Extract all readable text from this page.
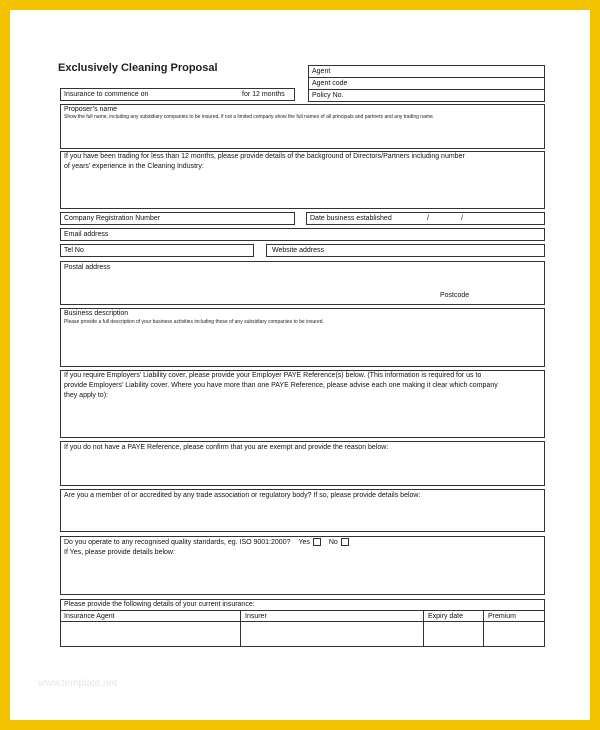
Exclusively Cleaning Proposal	Agent
Agent code
Policy No.
Insurance to commence on	for 12 months
Proposer’s name
Show the full name, including any subsidiary companies to be insured, if not a limited company show the full names of all principals and partners and any trading name.
If you have been trading for less than 12 months, please provide details of the background of Directors/Partners including number
of years’ experience in the Cleaning Industry:
Company Registration Number	Date business established	/	/
Email address
Tel No	Website address
Postal address
Postcode
Business description
Please provide a full description of your business activities including those of any subsidiary companies to be insured.
If you require Employers’ Liability cover, please provide your Employer PAYE Reference(s) below. (This information is required for us to
provide Employers’ Liability cover. Where you have more than one PAYE Reference, please advise each one making it clear which company
they apply to):
If you do not have a PAYE Reference, please confirm that you are exempt and provide the reason below:
Are you a member of or accredited by any trade association or regulatory body? If so, please provide details below:
Do you operate to any recognised quality standards, eg. ISO 9001:2000? Yes	No
If Yes, please provide details below:
Please provide the following details of your current insurance:
Insurance Agent	Insurer	Expiry date	Premium
www.template.net
